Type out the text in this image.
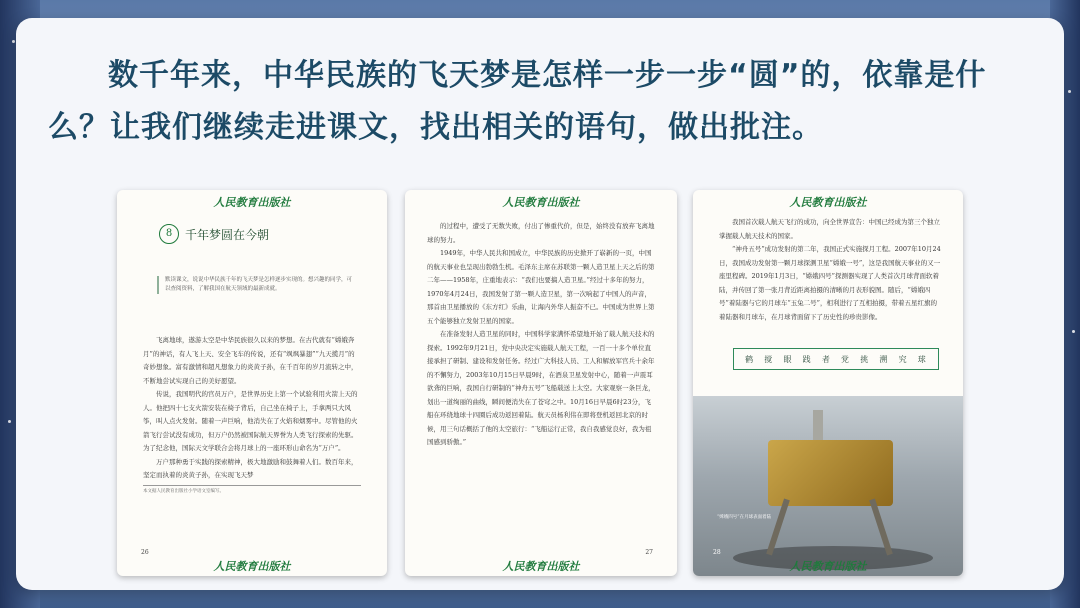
数千年来，中华民族的飞天梦是怎样一步一步“圆”的，依靠是什么？让我们继续走进课文，找出相关的语句，做出批注。

人民教育出版社
8	千年梦圆在今朝
默读课文，说说中华民族千年的飞天梦是怎样逐步实现的。想兴趣的同学，可以查阅资料，了解我国在航天领域的最新成就。

飞离地球，遨游太空是中华民族很久以来的梦想。在古代就有“嫦娥奔月”的神话，有人飞上天、安全飞车的传说，还有“飒飒暴翅”“九天揽月”的奇妙想象。富有激情和超凡想象力的炎黄子孙，在千百年的岁月流转之中，不断地尝试实现自己的美好愿望。

传说，我国明代的官员万户，是世界历史上第一个试验利用火箭上天的人。他把四十七支火箭安装在椅子背后，自己坐在椅子上，手拿两只大风筝，叫人点火发射。随着一声巨响，他消失在了火焰和烟雾中。尽管他的火箭飞行尝试没有成功，但万户仍然被国际航天界誉为人类飞行探索的先驱。为了纪念他，国际天文学联合会将月球上的一座环形山命名为“万户”。

万户那种勇于实践的探索精神，极大地激励和鼓舞着人们。数百年来，坚定而执着的炎黄子孙，在实现飞天梦

本文据人民教育出版社小学语文室编写。
26
人民教育出版社
人民教育出版社

的过程中，遭受了无数失败，付出了惨重代价，但是，始终没有放弃飞离地球的努力。

1949年，中华人民共和国成立，中华民族的历史掀开了崭新的一页，中国的航天事业也呈现出勃勃生机。毛泽东主席在苏联第一颗人造卫星上天之后的第二年——1958年，庄重地表示：“我们也要搞人造卫星。”经过十多年的努力，1970年4月24日，我国发射了第一颗人造卫星，第一次响起了中国人的声音，那首由卫星播放的《东方红》乐曲，让海内外华人振奋不已。中国成为世界上第五个能够独立发射卫星的国家。

在准备发射人造卫星的同时，中国科学家满怀希望地开始了载人航天技术的探索。1992年9月21日，党中央决定实施载人航天工程，一百一十多个单位直接承担了研制、建设和发射任务。经过广大科技人员、工人和解放军官兵十余年的不懈努力，2003年10月15日早晨9时，在酒泉卫星发射中心，随着一声震耳欲聋的巨响，我国自行研制的“神舟五号”飞船载送上太空。大家观察一条巨龙，划出一道绚丽的曲线，瞬间便消失在了苍穹之中。10月16日早晨6时23分，飞船在环绕地球十四圈后成功返回着陆。航天员杨利伟在即将登机返回北京的时候，用三句话概括了他的太空旅行：“飞船运行正常，我自我感觉良好，我为祖国感到骄傲。”

27
人民教育出版社
人民教育出版社

我国首次载人航天飞行的成功，向全世界宣告：中国已经成为第三个独立掌握载人航天技术的国家。

“神舟五号”成功发射的第二年，我国正式实施探月工程。2007年10月24日，我国成功发射第一颗月球探测卫星“嫦娥一号”，这是我国航天事业的又一座里程碑。2019年1月3日，“嫦娥四号”探测器实现了人类首次月球背面软着陆，并传回了第一张月背近距离拍摄的清晰的月表形貌图。随后，“嫦娥四号”着陆器与它的月球车“玉兔二号”，相利进行了互相拍摄，带着五星红旗的着陆器和月球车，在月球背面留下了历史性的珍贵影像。

鹤 搅 眼 践 者 党 挑 溯 究 球
“嫦娥四号”在月球表面着陆
28
人民教育出版社
